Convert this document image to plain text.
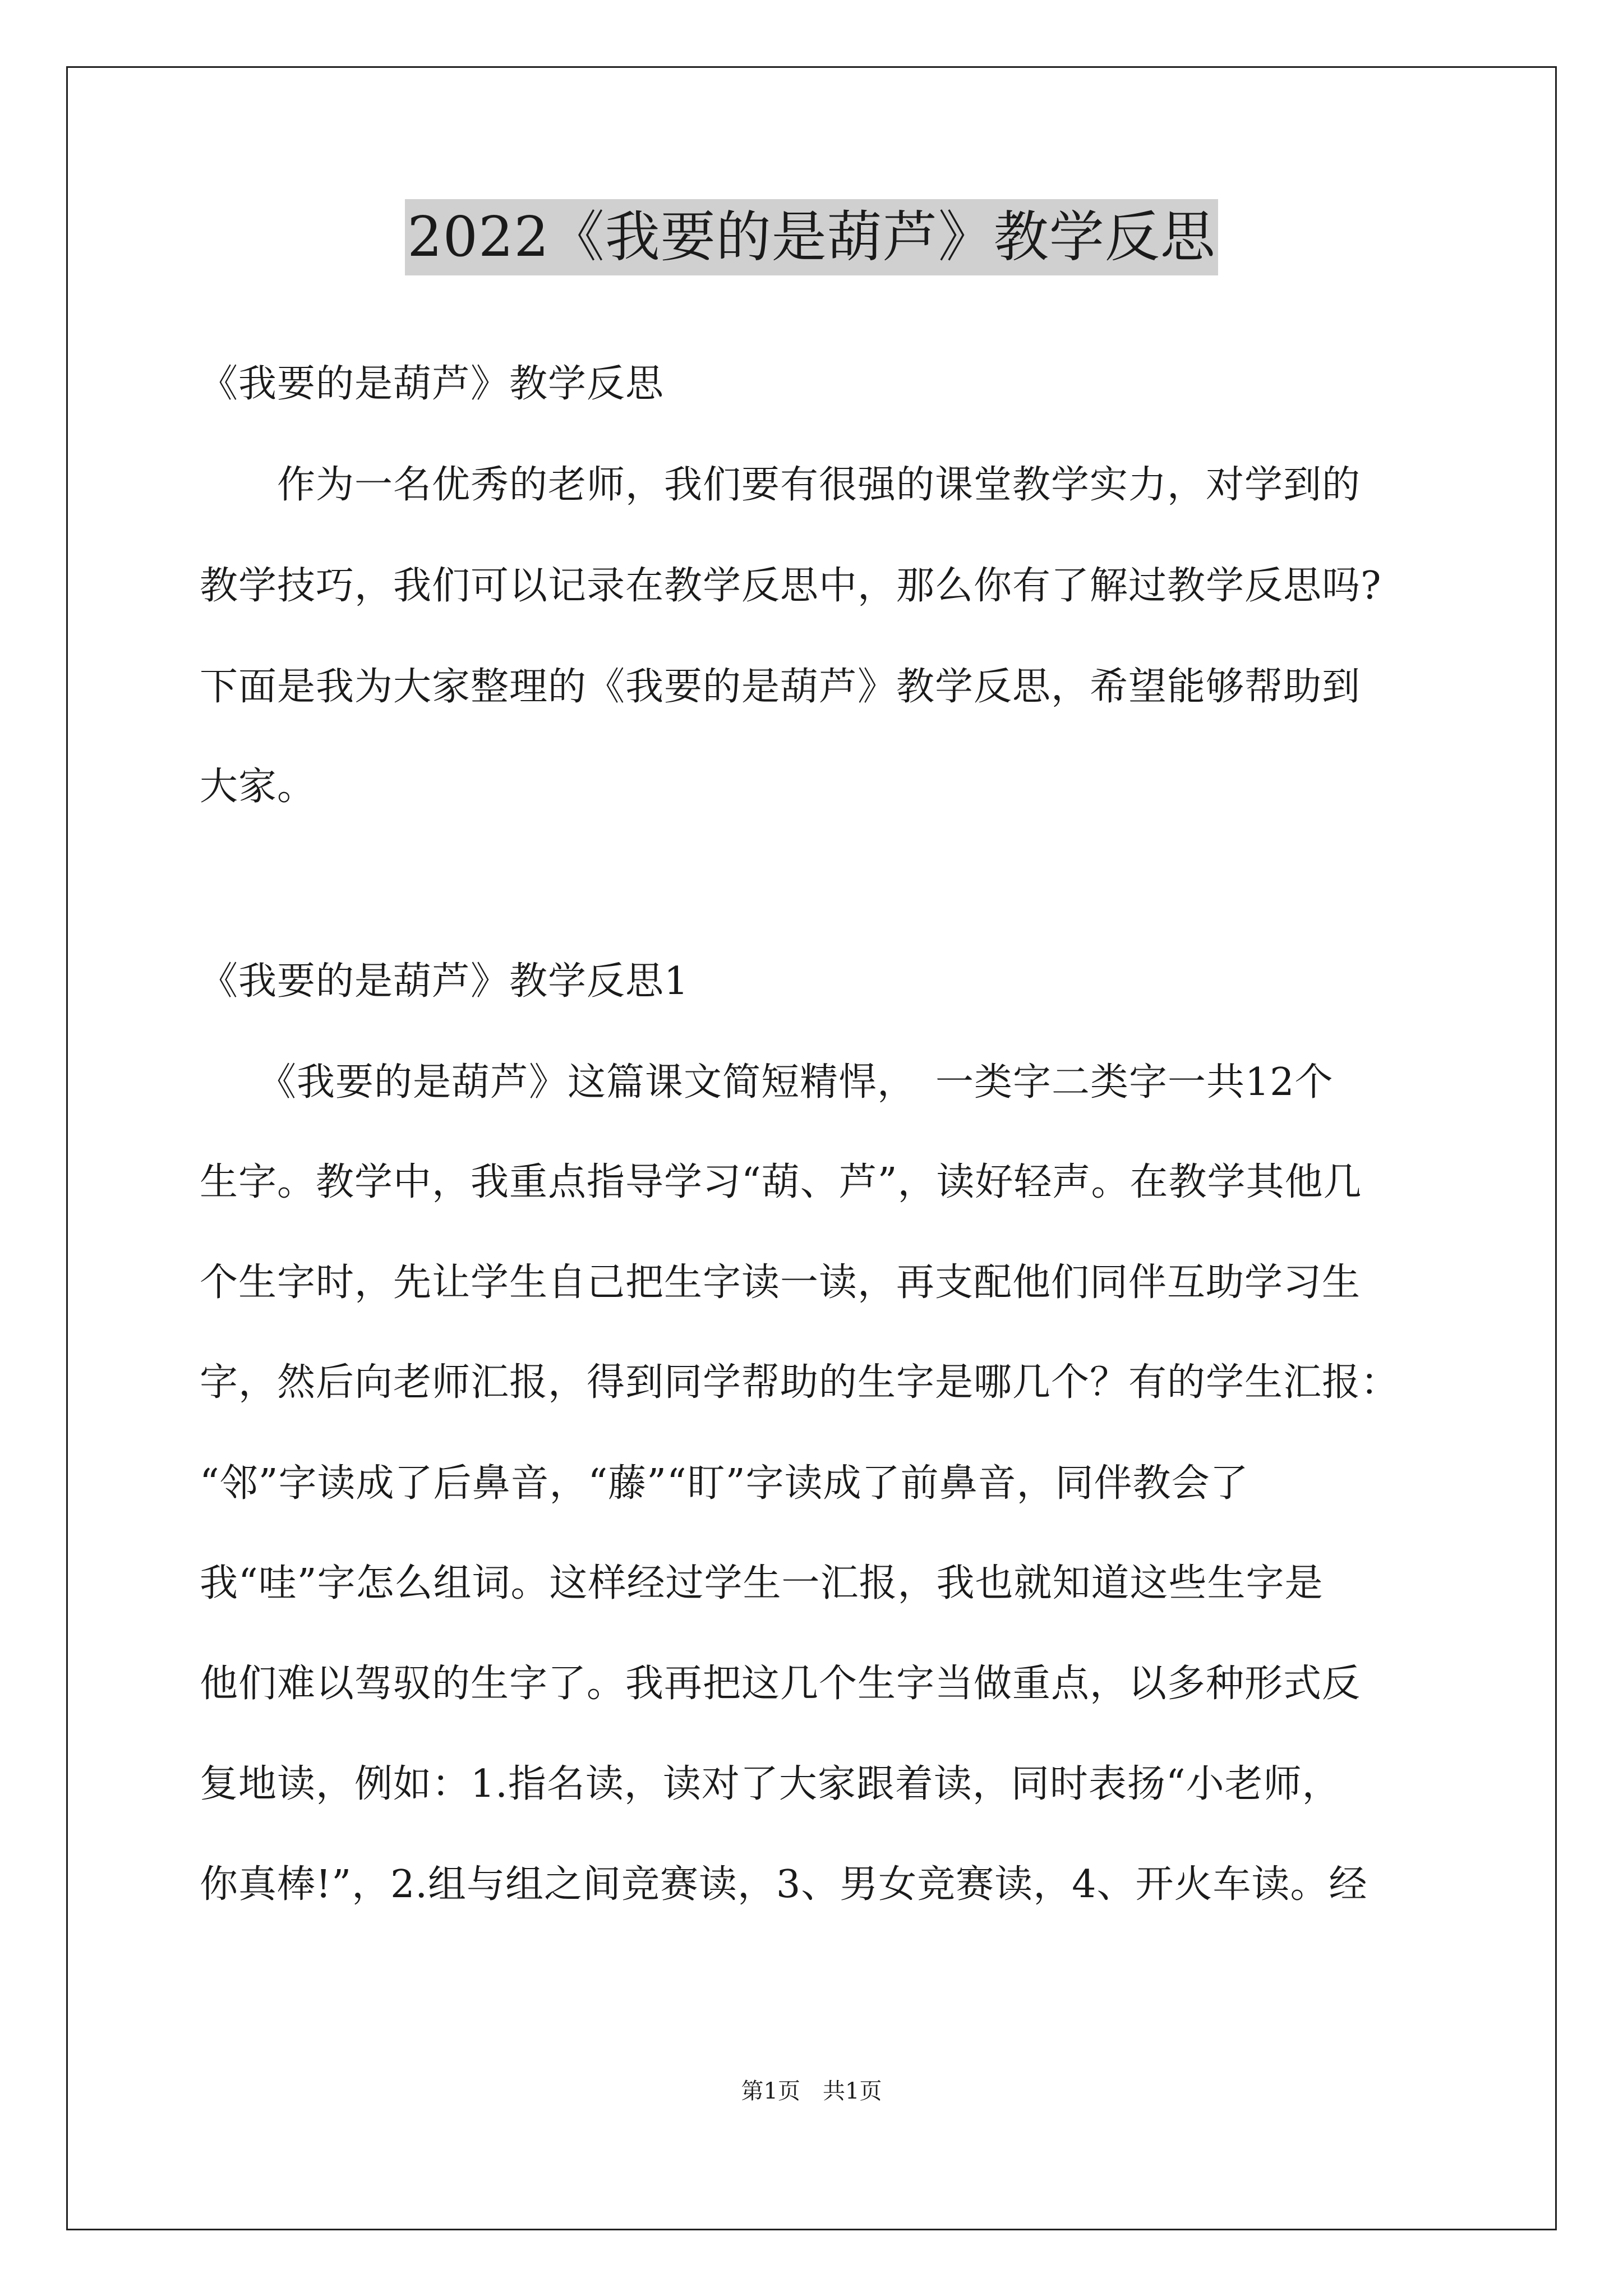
2022《我要的是葫芦》教学反思
《我要的是葫芦》教学反思
　　作为一名优秀的老师，我们要有很强的课堂教学实力，对学到的
教学技巧，我们可以记录在教学反思中，那么你有了解过教学反思吗?
下面是我为大家整理的《我要的是葫芦》教学反思，希望能够帮助到
大家。
《我要的是葫芦》教学反思1
　　《我要的是葫芦》这篇课文简短精悍，　一类字二类字一共12个
生字。教学中，我重点指导学习“葫、芦”，读好轻声。在教学其他几
个生字时，先让学生自己把生字读一读，再支配他们同伴互助学习生
字，然后向老师汇报，得到同学帮助的生字是哪几个？有的学生汇报：
“邻”字读成了后鼻音，“藤”“盯”字读成了前鼻音，同伴教会了
我“哇”字怎么组词。这样经过学生一汇报，我也就知道这些生字是
他们难以驾驭的生字了。我再把这几个生字当做重点，以多种形式反
复地读，例如：1.指名读，读对了大家跟着读，同时表扬“小老师，
你真棒!”，2.组与组之间竞赛读，3、男女竞赛读，4、开火车读。经
第1页　共1页
